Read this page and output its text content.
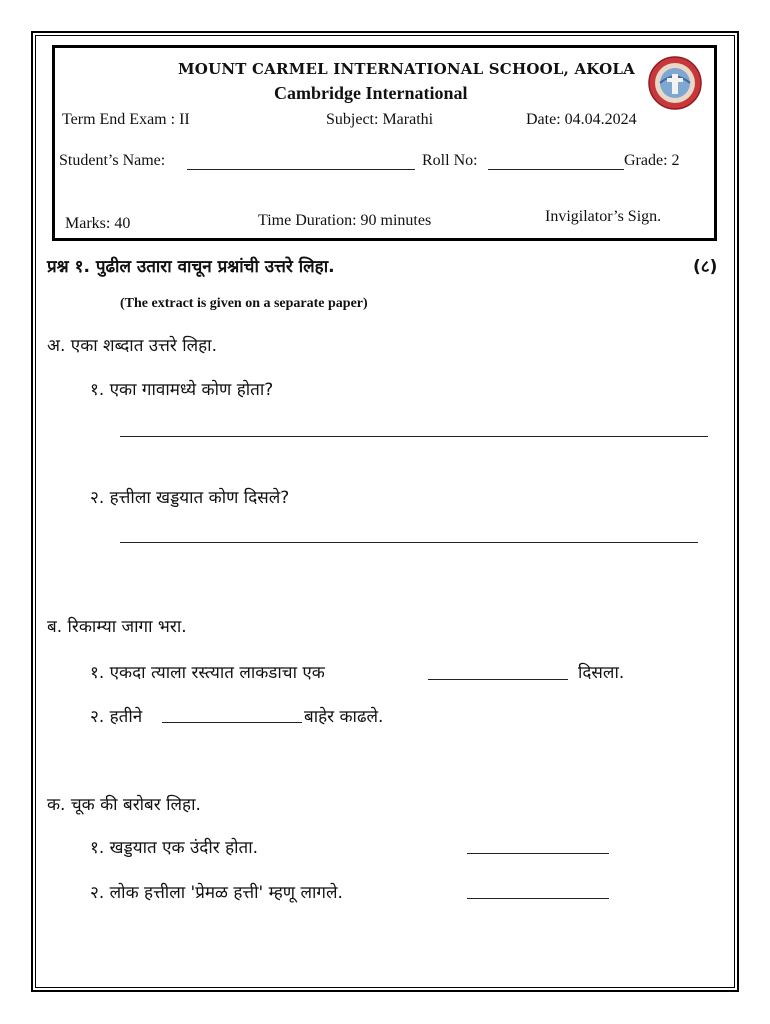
MOUNT CARMEL INTERNATIONAL SCHOOL, AKOLA
Cambridge International
Term End Exam : II	Subject: Marathi	Date: 04.04.2024
Student’s Name:	Roll No:	Grade: 2
Marks: 40	Time Duration: 90 minutes	Invigilator’s Sign.
प्रश्न १. पुढील उतारा वाचून प्रश्नांची उत्तरे लिहा.	(८)
(The extract is given on a separate paper)
अ. एका शब्दात उत्तरे लिहा.
१. एका गावामध्ये कोण होता?
२. हत्तीला खड्डयात कोण दिसले?
ब. रिकाम्या जागा भरा.
१. एकदा त्याला रस्त्यात लाकडाचा एक	दिसला.
२. हतीने	बाहेर काढले.
क. चूक की बरोबर लिहा.
१. खड्डयात एक उंदीर होता.
२. लोक हत्तीला 'प्रेमळ हत्ती' म्हणू लागले.
